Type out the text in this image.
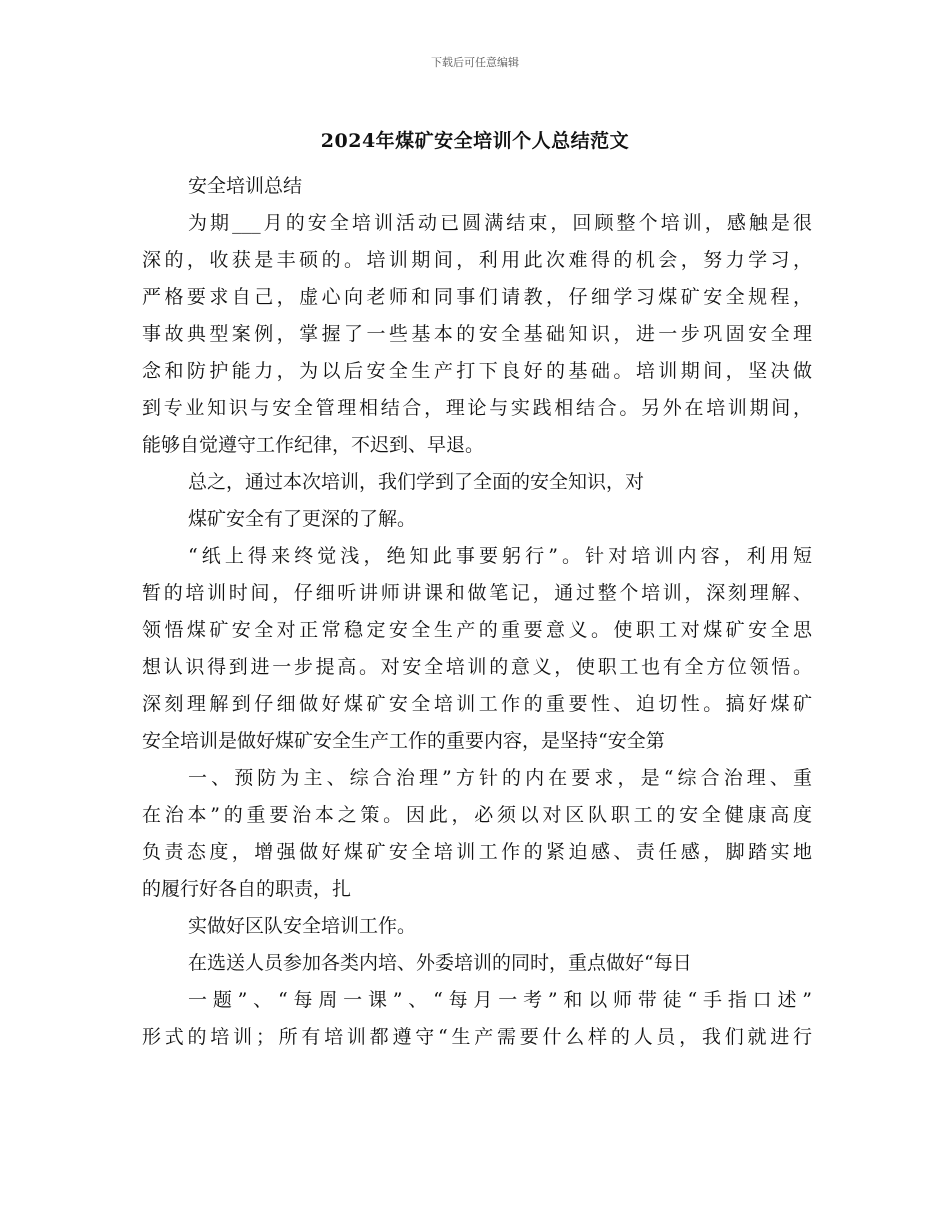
下载后可任意编辑
2024年煤矿安全培训个人总结范文
安全培训总结
为期___月的安全培训活动已圆满结束，回顾整个培训，感触是很
深的，收获是丰硕的。培训期间，利用此次难得的机会，努力学习，
严格要求自己，虚心向老师和同事们请教，仔细学习煤矿安全规程，
事故典型案例，掌握了一些基本的安全基础知识，进一步巩固安全理
念和防护能力，为以后安全生产打下良好的基础。培训期间，坚决做
到专业知识与安全管理相结合，理论与实践相结合。另外在培训期间，
能够自觉遵守工作纪律，不迟到、早退。
总之，通过本次培训，我们学到了全面的安全知识，对
煤矿安全有了更深的了解。
“纸上得来终觉浅，绝知此事要躬行”。针对培训内容，利用短
暂的培训时间，仔细听讲师讲课和做笔记，通过整个培训，深刻理解、
领悟煤矿安全对正常稳定安全生产的重要意义。使职工对煤矿安全思
想认识得到进一步提高。对安全培训的意义，使职工也有全方位领悟。
深刻理解到仔细做好煤矿安全培训工作的重要性、迫切性。搞好煤矿
安全培训是做好煤矿安全生产工作的重要内容，是坚持“安全第
一、预防为主、综合治理”方针的内在要求，是“综合治理、重
在治本”的重要治本之策。因此，必须以对区队职工的安全健康高度
负责态度，增强做好煤矿安全培训工作的紧迫感、责任感，脚踏实地
的履行好各自的职责，扎
实做好区队安全培训工作。
在选送人员参加各类内培、外委培训的同时，重点做好“每日
一题”、“每周一课”、“每月一考”和以师带徒“手指口述”
形式的培训；所有培训都遵守“生产需要什么样的人员，我们就进行
